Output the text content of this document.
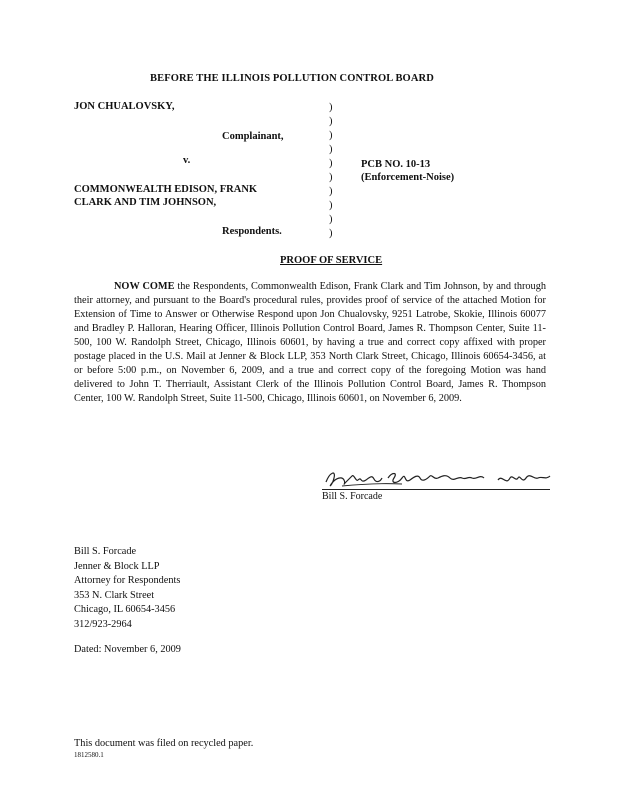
BEFORE THE ILLINOIS POLLUTION CONTROL BOARD
JON CHUALOVSKY,
Complainant,
v.
COMMONWEALTH EDISON, FRANK
CLARK AND TIM JOHNSON,
Respondents.
PCB NO. 10-13
(Enforcement-Noise)
)
)
)
)
)
)
)
)
)
)
PROOF OF SERVICE

NOW COME the Respondents, Commonwealth Edison, Frank Clark and Tim Johnson, by and through their attorney, and pursuant to the Board's procedural rules, provides proof of service of the attached Motion for Extension of Time to Answer or Otherwise Respond upon Jon Chualovsky, 9251 Latrobe, Skokie, Illinois 60077 and Bradley P. Halloran, Hearing Officer, Illinois Pollution Control Board, James R. Thompson Center, Suite 11-500, 100 W. Randolph Street, Chicago, Illinois 60601, by having a true and correct copy affixed with proper postage placed in the U.S. Mail at Jenner & Block LLP, 353 North Clark Street, Chicago, Illinois 60654-3456, at or before 5:00 p.m., on November 6, 2009, and a true and correct copy of the foregoing Motion was hand delivered to John T. Therriault, Assistant Clerk of the Illinois Pollution Control Board, James R. Thompson Center, 100 W. Randolph Street, Suite 11-500, Chicago, Illinois 60601, on November 6, 2009.

Bill S. Forcade
Bill S. Forcade
Jenner & Block LLP
Attorney for Respondents
353 N. Clark Street
Chicago, IL 60654-3456
312/923-2964
Dated: November 6, 2009
This document was filed on recycled paper.
1812580.1
